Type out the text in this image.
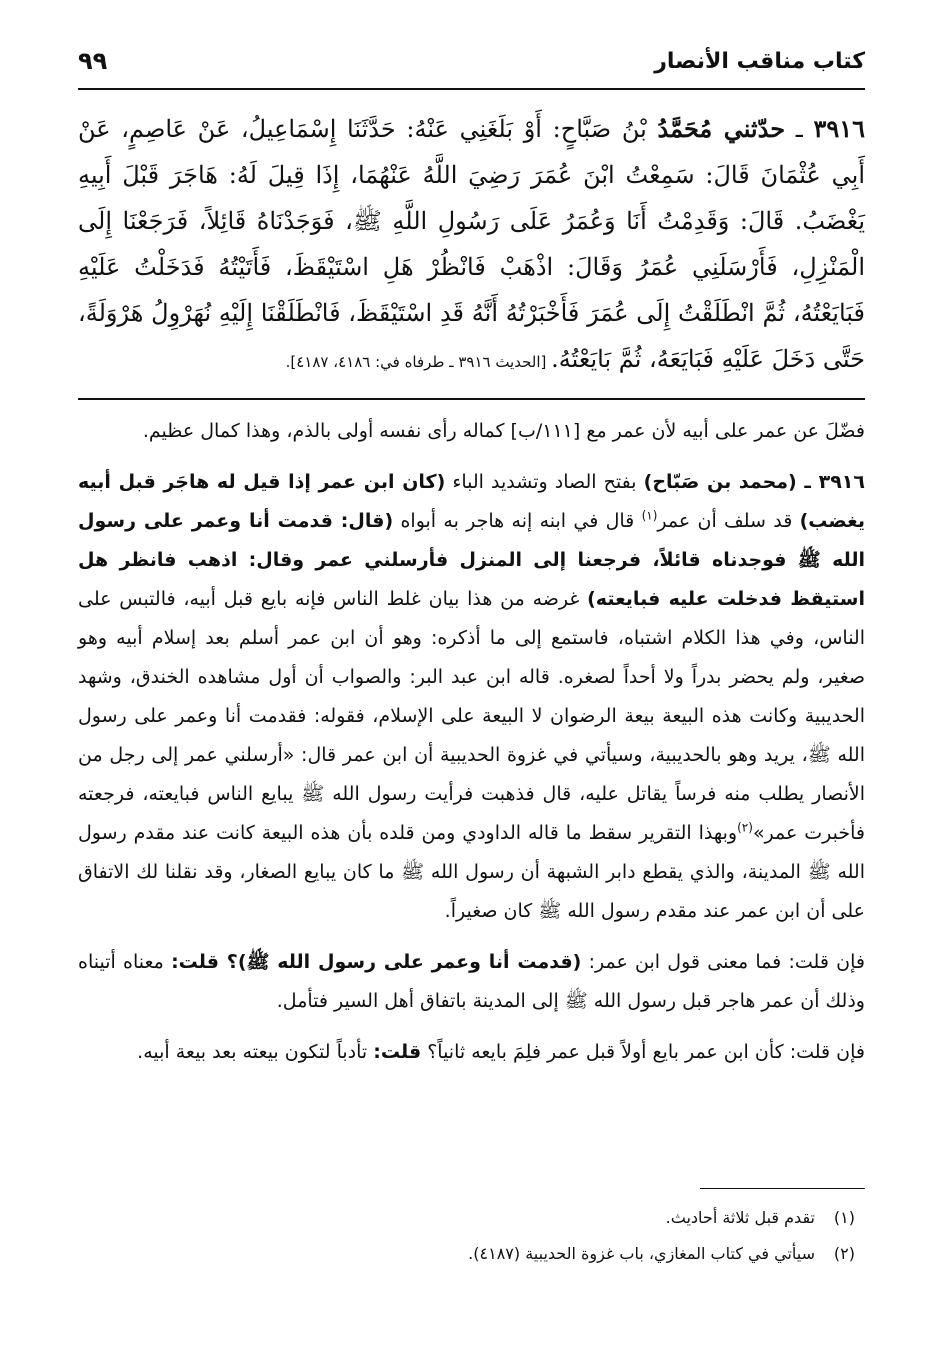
كتاب مناقب الأنصار
٩٩
٣٩١٦ ـ حدّثني مُحَمَّدُ بْنُ صَبَّاحٍ: أَوْ بَلَغَنِي عَنْهُ: حَدَّثَنَا إِسْمَاعِيلُ، عَنْ عَاصِمٍ، عَنْ أَبِي عُثْمَانَ قَالَ: سَمِعْتُ ابْنَ عُمَرَ رَضِيَ اللَّهُ عَنْهُمَا، إِذَا قِيلَ لَهُ: هَاجَرَ قَبْلَ أَبِيهِ يَغْضَبُ. قَالَ: وَقَدِمْتُ أَنَا وَعُمَرُ عَلَى رَسُولِ اللَّهِ ﷺ، فَوَجَدْنَاهُ قَائِلاً، فَرَجَعْنَا إِلَى الْمَنْزِلِ، فَأَرْسَلَنِي عُمَرُ وَقَالَ: اذْهَبْ فَانْظُرْ هَلِ اسْتَيْقَظَ، فَأَتَيْتُهُ فَدَخَلْتُ عَلَيْهِ فَبَايَعْتُهُ، ثُمَّ انْطَلَقْتُ إِلَى عُمَرَ فَأَخْبَرْتُهُ أَنَّهُ قَدِ اسْتَيْقَظَ، فَانْطَلَقْنَا إِلَيْهِ نُهَرْوِلُ هَرْوَلَةً، حَتَّى دَخَلَ عَلَيْهِ فَبَايَعَهُ، ثُمَّ بَايَعْتُهُ. [الحديث ٣٩١٦ ـ طرفاه في: ٤١٨٦، ٤١٨٧].

فضّلَ عن عمر على أبيه لأن عمر مع [١١١/ب] كماله رأى نفسه أولى بالذم، وهذا كمال عظيم.

٣٩١٦ ـ (محمد بن صَبّاح) بفتح الصاد وتشديد الباء (كان ابن عمر إذا قيل له هاجَر قبل أبيه يغضب) قد سلف أن عمر$^{(١)}$ قال في ابنه إنه هاجر به أبواه (قال: قدمت أنا وعمر على رسول الله ﷺ فوجدناه قائلاً، فرجعنا إلى المنزل فأرسلني عمر وقال: اذهب فانظر هل استيقظ فدخلت عليه فبايعته) غرضه من هذا بيان غلط الناس فإنه بايع قبل أبيه، فالتبس على الناس، وفي هذا الكلام اشتباه، فاستمع إلى ما أذكره: وهو أن ابن عمر أسلم بعد إسلام أبيه وهو صغير، ولم يحضر بدراً ولا أحداً لصغره. قاله ابن عبد البر: والصواب أن أول مشاهده الخندق، وشهد الحديبية وكانت هذه البيعة بيعة الرضوان لا البيعة على الإسلام، فقوله: فقدمت أنا وعمر على رسول الله ﷺ، يريد وهو بالحديبية، وسيأتي في غزوة الحديبية أن ابن عمر قال: «أرسلني عمر إلى رجل من الأنصار يطلب منه فرساً يقاتل عليه، قال فذهبت فرأيت رسول الله ﷺ يبايع الناس فبايعته، فرجعته فأخبرت عمر»$^{(٢)}$وبهذا التقرير سقط ما قاله الداودي ومن قلده بأن هذه البيعة كانت عند مقدم رسول الله ﷺ المدينة، والذي يقطع دابر الشبهة أن رسول الله ﷺ ما كان يبايع الصغار، وقد نقلنا لك الاتفاق على أن ابن عمر عند مقدم رسول الله ﷺ كان صغيراً.

فإن قلت: فما معنى قول ابن عمر: (قدمت أنا وعمر على رسول الله ﷺ)؟ قلت: معناه أتيناه وذلك أن عمر هاجر قبل رسول الله ﷺ إلى المدينة باتفاق أهل السير فتأمل.

فإن قلت: كأن ابن عمر بايع أولاً قبل عمر فلِمَ بايعه ثانياً؟ قلت: تأدباً لتكون بيعته بعد بيعة أبيه.

(١)تقدم قبل ثلاثة أحاديث.
(٢)سيأتي في كتاب المغازي، باب غزوة الحديبية (٤١٨٧).
